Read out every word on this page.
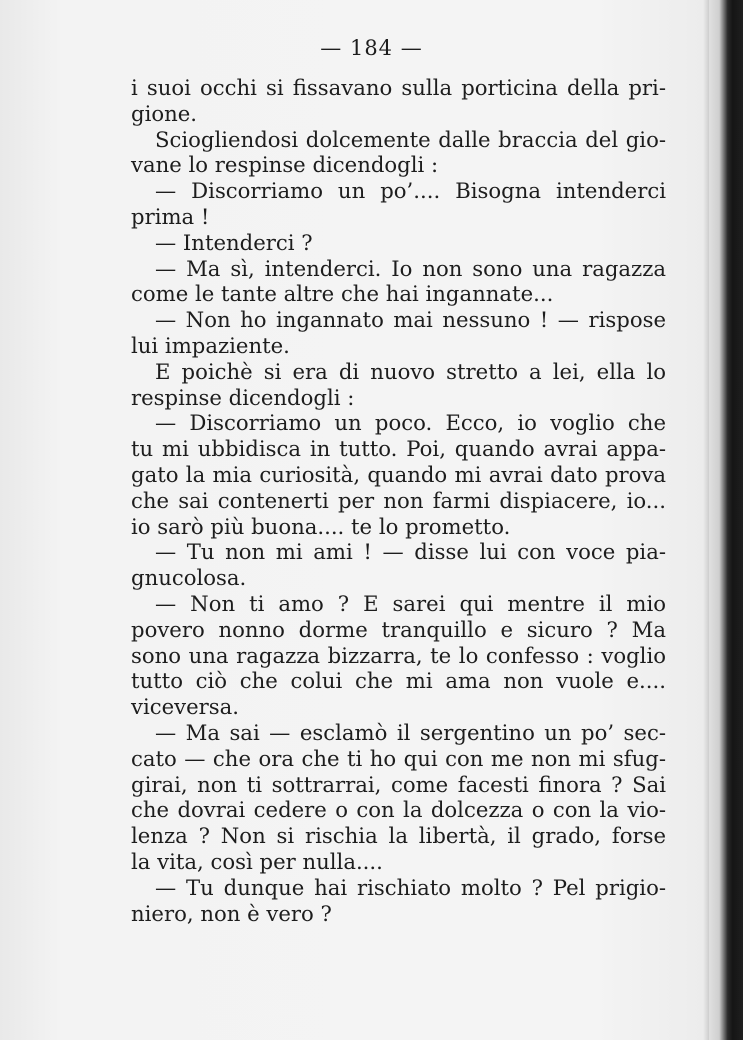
— 184 —
i suoi occhi si fissavano sulla porticina della pri-
gione.
Sciogliendosi dolcemente dalle braccia del gio-
vane lo respinse dicendogli :
— Discorriamo un po’.... Bisogna intenderci
prima !
— Intenderci ?
— Ma sì, intenderci. Io non sono una ragazza
come le tante altre che hai ingannate...
— Non ho ingannato mai nessuno ! — rispose
lui impaziente.
E poichè si era di nuovo stretto a lei, ella lo
respinse dicendogli :
— Discorriamo un poco. Ecco, io voglio che
tu mi ubbidisca in tutto. Poi, quando avrai appa-
gato la mia curiosità, quando mi avrai dato prova
che sai contenerti per non farmi dispiacere, io...
io sarò più buona.... te lo prometto.
— Tu non mi ami ! — disse lui con voce pia-
gnucolosa.
— Non ti amo ? E sarei qui mentre il mio
povero nonno dorme tranquillo e sicuro ? Ma
sono una ragazza bizzarra, te lo confesso : voglio
tutto ciò che colui che mi ama non vuole e....
viceversa.
— Ma sai — esclamò il sergentino un po’ sec-
cato — che ora che ti ho qui con me non mi sfug-
girai, non ti sottrarrai, come facesti finora ? Sai
che dovrai cedere o con la dolcezza o con la vio-
lenza ? Non si rischia la libertà, il grado, forse
la vita, così per nulla....
— Tu dunque hai rischiato molto ? Pel prigio-
niero, non è vero ?
